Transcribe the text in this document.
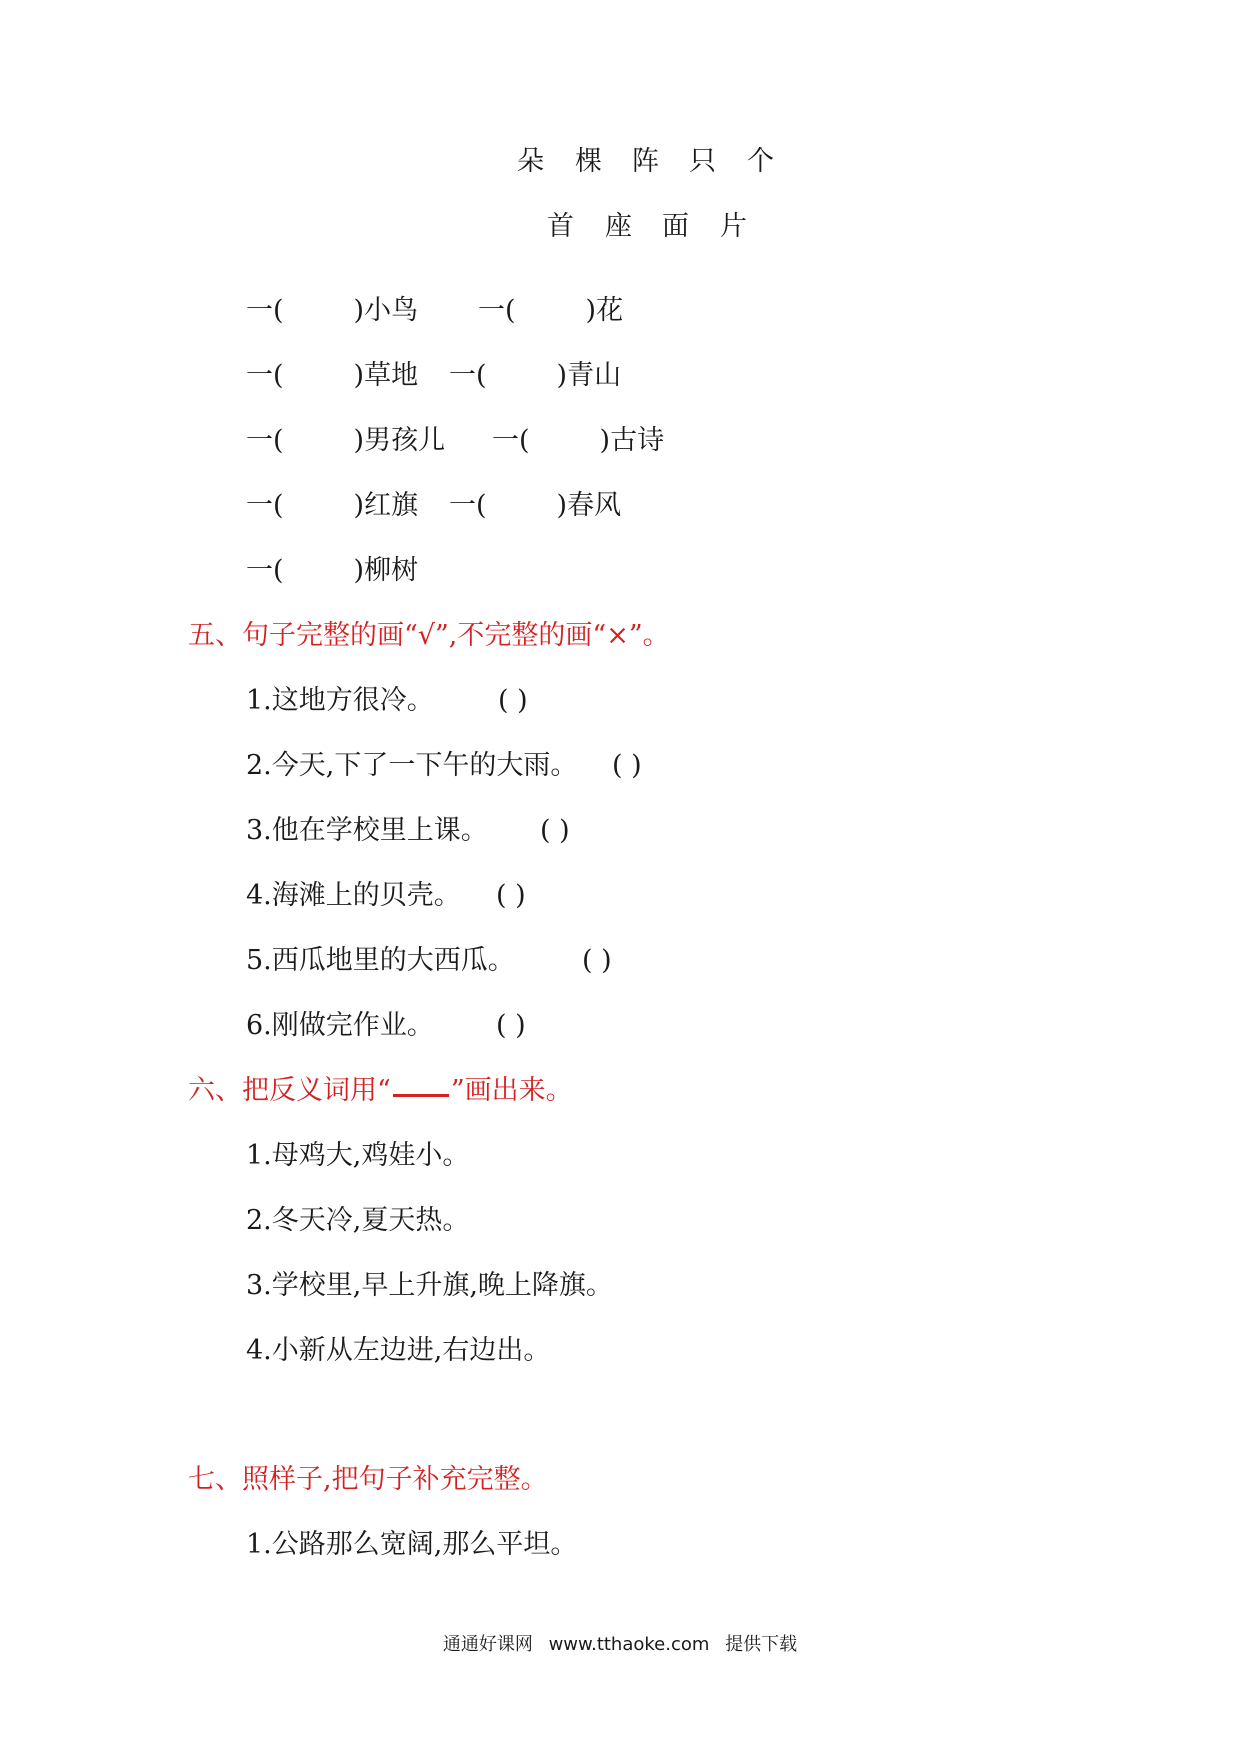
朵 棵 阵 只 个
首 座 面 片
一(	)小鸟 一(	)花
一(	)草地 一(	)青山
一(	)男孩儿 一(	)古诗
一(	)红旗 一(	)春风
一(	)柳树
五、句子完整的画“√”,不完整的画“×”。
1.这地方很冷。 ( )
2.今天,下了一下午的大雨。 ( )
3.他在学校里上课。 ( )
4.海滩上的贝壳。 ( )
5.西瓜地里的大西瓜。 ( )
6.刚做完作业。 ( )
六、把反义词用“ ”画出来。
1.母鸡大,鸡娃小。
2.冬天冷,夏天热。
3.学校里,早上升旗,晚上降旗。
4.小新从左边进,右边出。
七、照样子,把句子补充完整。
1.公路那么宽阔,那么平坦。
通通好课网 www.tthaoke.com 提供下载
